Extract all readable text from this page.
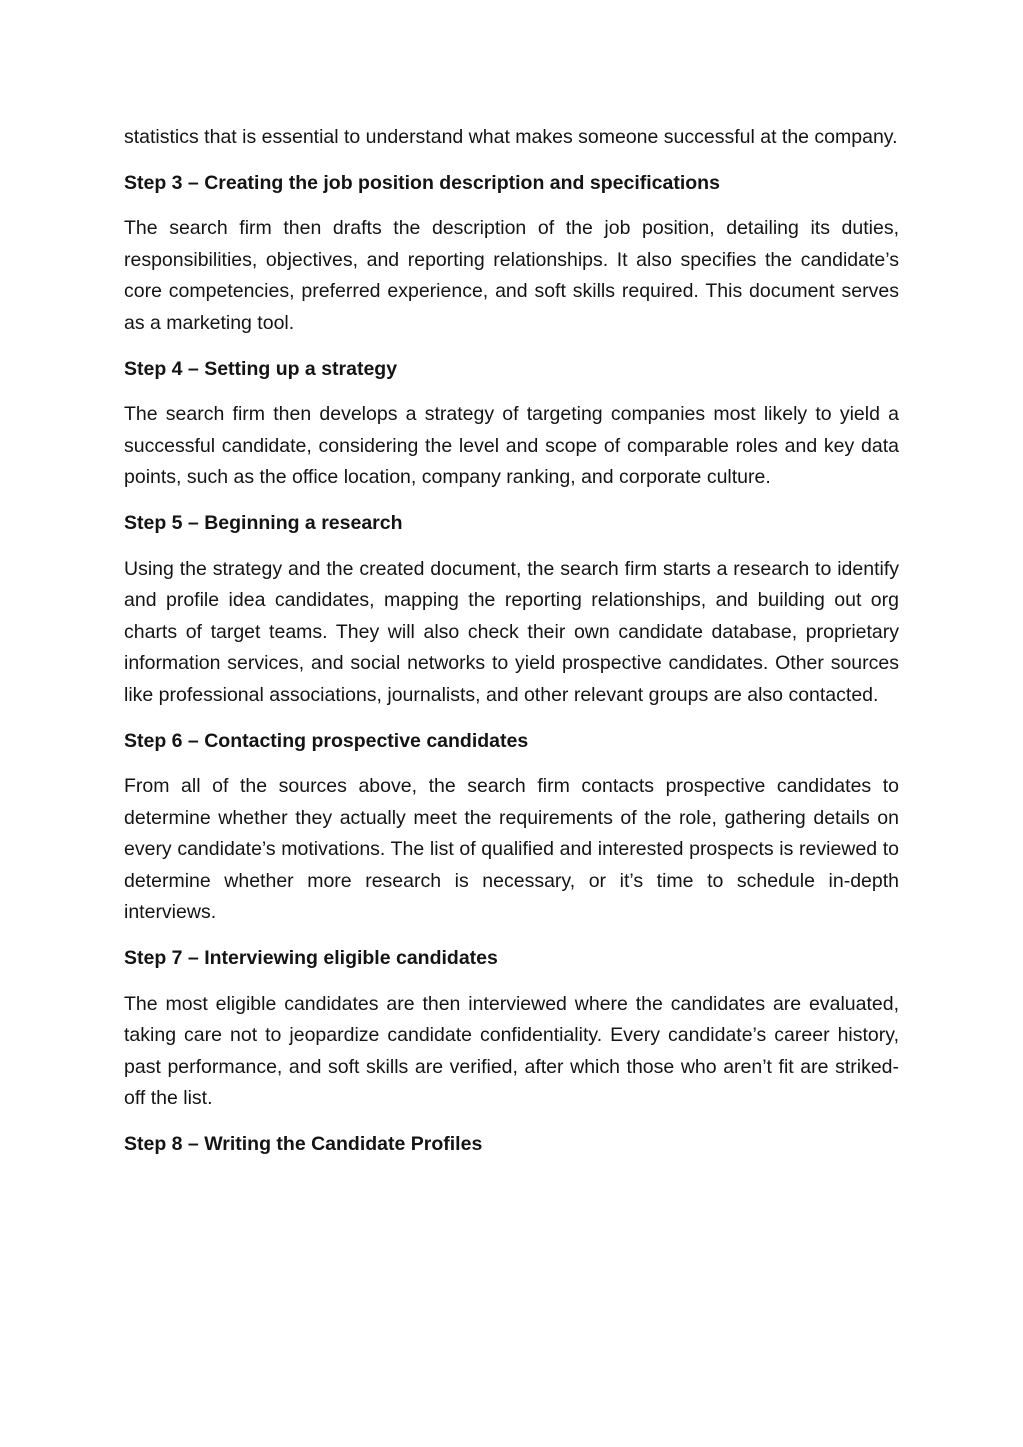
statistics that is essential to understand what makes someone successful at the company.

Step 3 – Creating the job position description and specifications

The search firm then drafts the description of the job position, detailing its duties, responsibilities, objectives, and reporting relationships. It also specifies the candidate’s core competencies, preferred experience, and soft skills required. This document serves as a marketing tool.

Step 4 – Setting up a strategy

The search firm then develops a strategy of targeting companies most likely to yield a successful candidate, considering the level and scope of comparable roles and key data points, such as the office location, company ranking, and corporate culture.

Step 5 – Beginning a research

Using the strategy and the created document, the search firm starts a research to identify and profile idea candidates, mapping the reporting relationships, and building out org charts of target teams. They will also check their own candidate database, proprietary information services, and social networks to yield prospective candidates. Other sources like professional associations, journalists, and other relevant groups are also contacted.

Step 6 – Contacting prospective candidates

From all of the sources above, the search firm contacts prospective candidates to determine whether they actually meet the requirements of the role, gathering details on every candidate’s motivations. The list of qualified and interested prospects is reviewed to determine whether more research is necessary, or it’s time to schedule in-depth interviews.

Step 7 – Interviewing eligible candidates

The most eligible candidates are then interviewed where the candidates are evaluated, taking care not to jeopardize candidate confidentiality. Every candidate’s career history, past performance, and soft skills are verified, after which those who aren’t fit are striked-off the list.

Step 8 – Writing the Candidate Profiles
